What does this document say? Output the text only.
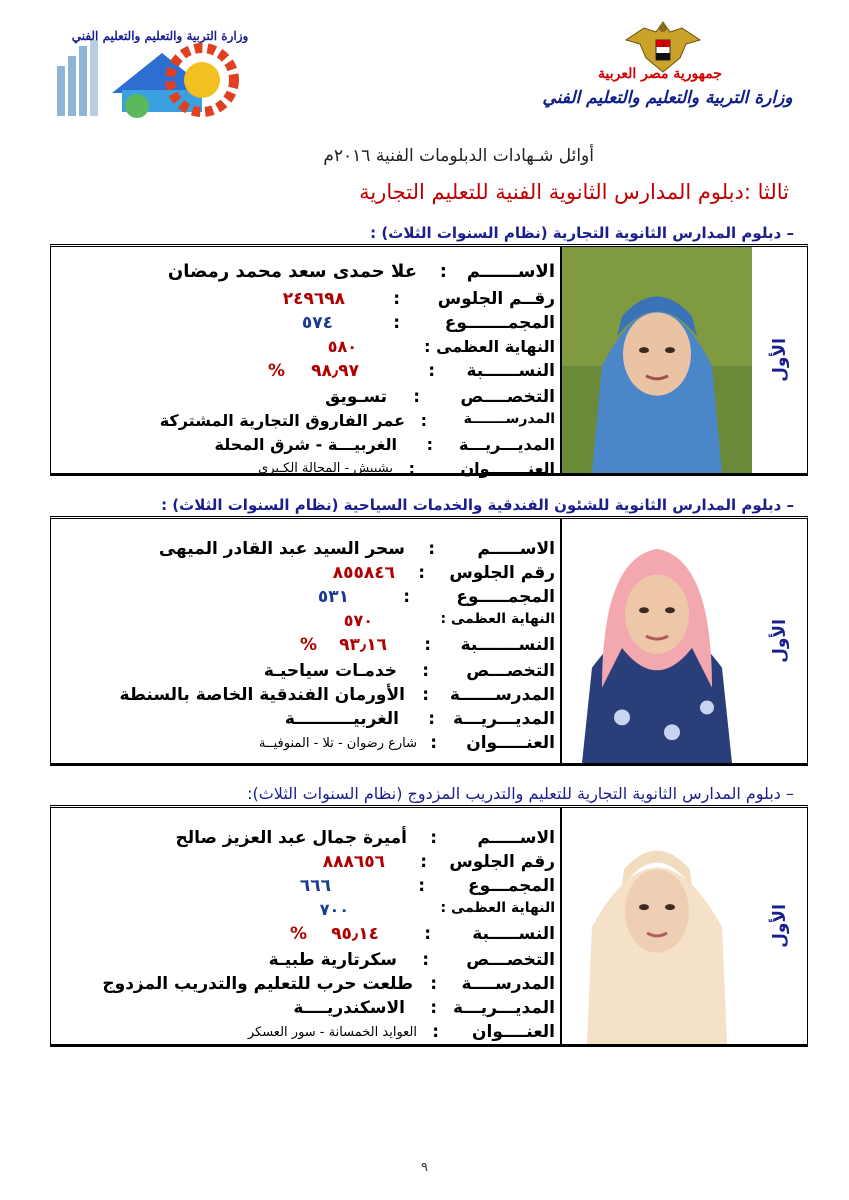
وزارة التربية والتعليم والتعليم الفني
جمهورية مصر العربية
وزارة التربية والتعليم والتعليم الفني
أوائل شـهادات الدبلومات الفنية ٢٠١٦م
ثالثا :دبلوم المدارس الثانوية الفنية للتعليم التجارية
– دبلوم المدارس الثانوية التجارية (نظام السنوات الثلاث) :
الأول
الاســــــم
:
علا حمدى سعد محمد رمضان
رقــم الجلوس
:
٢٤٩٦٩٨
المجمـــــــوع
:
٥٧٤
النهاية العظمى :
٥٨٠
النســــــبة
:
٩٨٫٩٧
%
التخصــــص
:
تسـويق
المدرســـــــة
:
عمر الفاروق التجارية المشتركة
المديـــريـــة
:
الغربيـــة - شرق المحلة
العنـــــــوان
:
بشبيش - المحالة الكـبرى
– دبلوم المدارس الثانوية للشئون الفندقية والخدمات السياحية (نظام السنوات الثلاث) :
الأول
الاســـــم
:
سحر السيد عبد القادر الميهى
رقم الجلوس
:
٨٥٥٨٤٦
المجمـــــوع
:
٥٣١
النهاية العظمى :
٥٧٠
النســـــــبة
:
٩٣٫١٦
%
التخصـــص
:
خدمـات سياحيـة
المدرســــــة
:
الأورمان الفندقية الخاصة بالسنطة
المديـــريـــة
:
الغربيــــــــــة
العنـــــوان
:
شارع رضوان - تلا - المنوفيــة
– دبلوم المدارس الثانوية التجارية للتعليم والتدريب المزدوج (نظام السنوات الثلاث):
الأول
الاســـــم
:
أميرة جمال عبد العزيز صالح
رقم الجلوس
:
٨٨٨٦٥٦
المجمـــوع
:
٦٦٦
النهاية العظمى :
٧٠٠
النســـــبة
:
٩٥٫١٤
%
التخصـــص
:
سكرتارية طبيـة
المدرســــة
:
طلعت حرب للتعليم والتدريب المزدوج
المديـــريـــة
:
الاسكندريــــة
العنــــوان
:
العوايد الخمسانة - سور العسكر
٩
